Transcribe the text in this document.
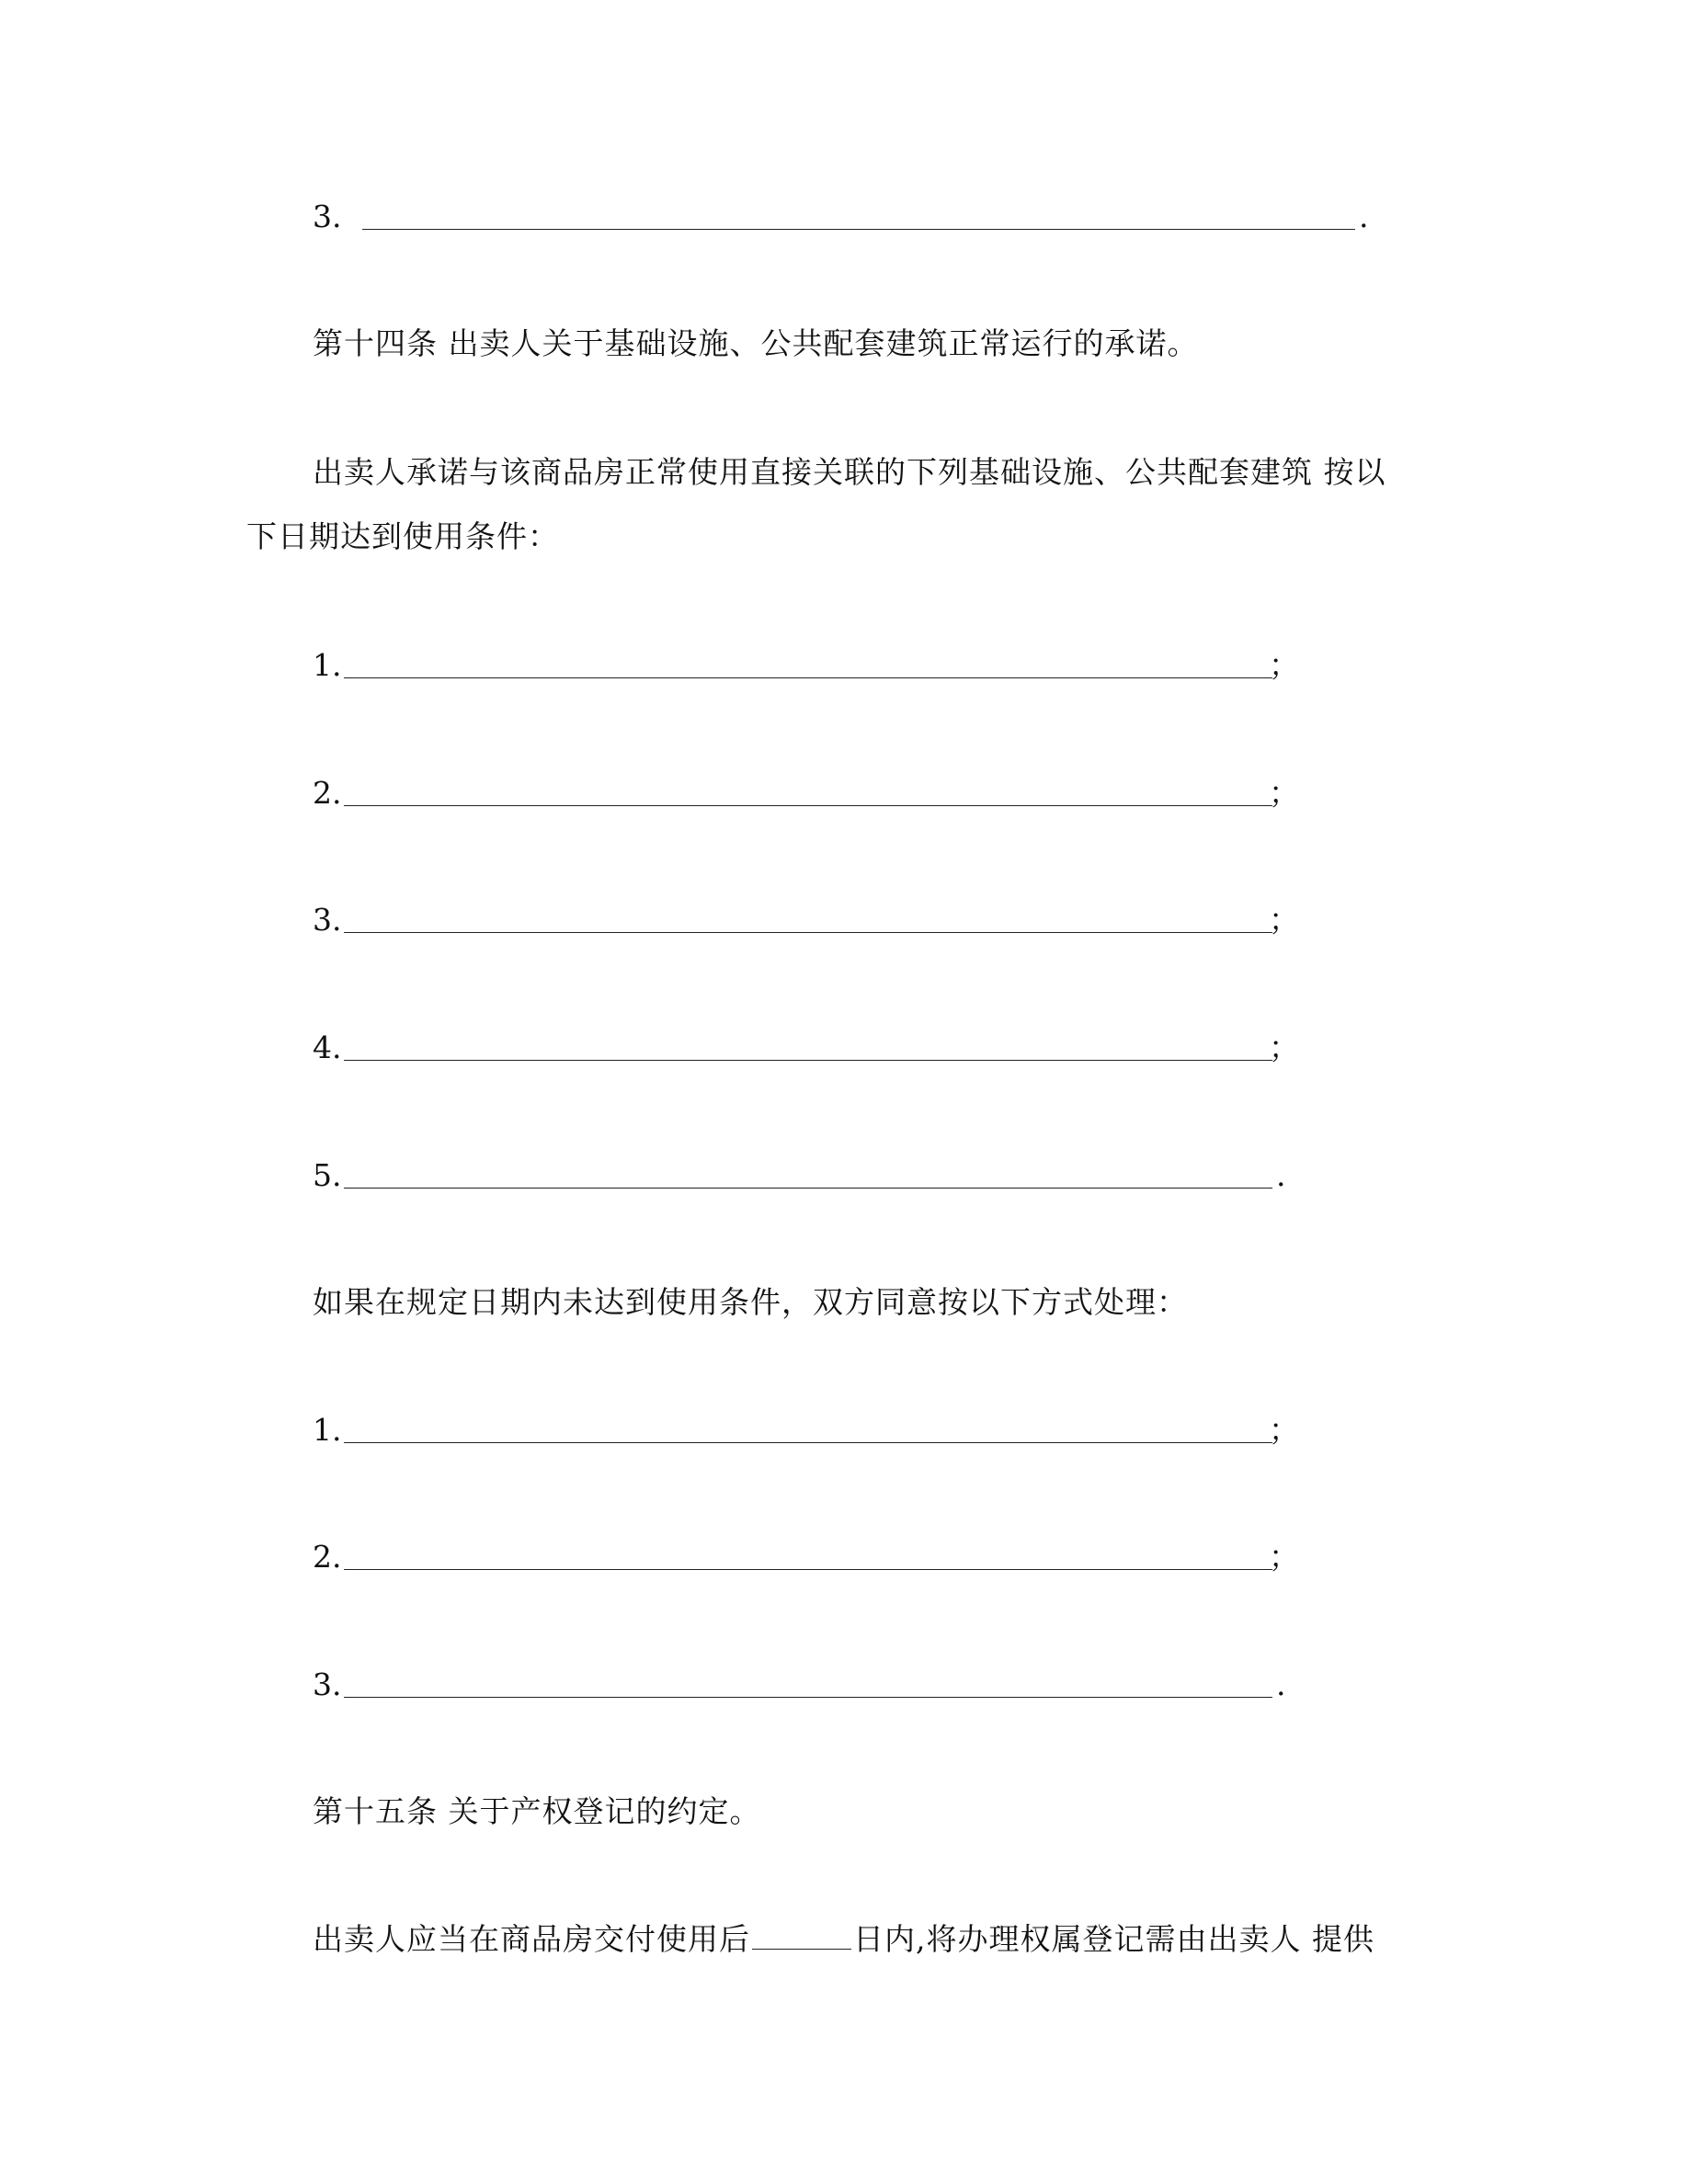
3.	.
第十四条 出卖人关于基础设施、公共配套建筑正常运行的承诺。
出卖人承诺与该商品房正常使用直接关联的下列基础设施、公共配套建筑 按以
下日期达到使用条件：
1.	；
2.	；
3.	；
4.	；
5.	.
如果在规定日期内未达到使用条件，双方同意按以下方式处理：
1.	；
2.	；
3.	.
第十五条 关于产权登记的约定。
出卖人应当在商品房交付使用后	日内,将办理权属登记需由出卖人 提供
